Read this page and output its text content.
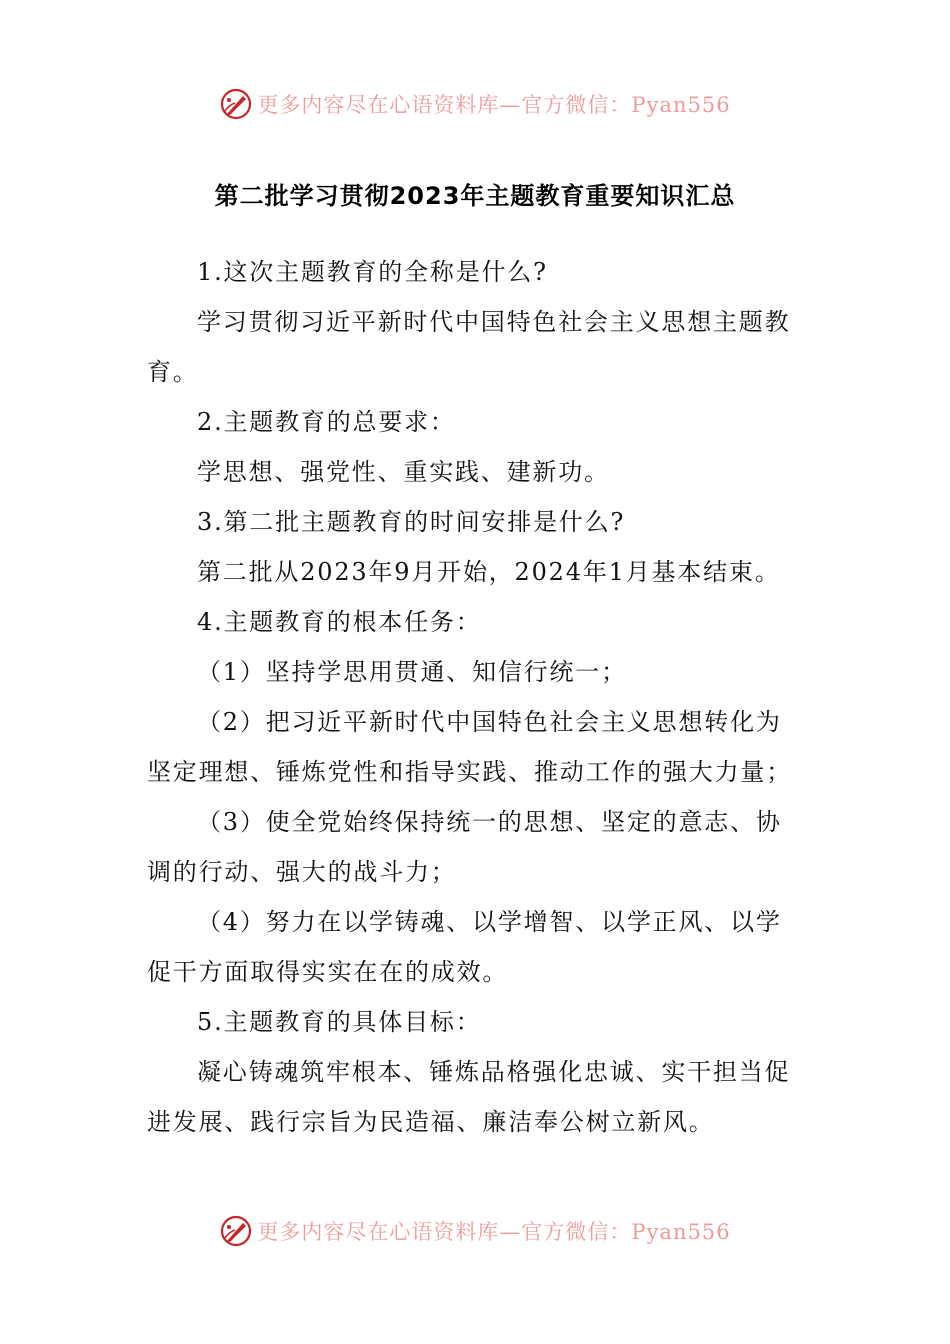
更多内容尽在心语资料库—官方微信：Pyan556
第二批学习贯彻2023年主题教育重要知识汇总

1.这次主题教育的全称是什么?

学习贯彻习近平新时代中国特色社会主义思想主题教育。

2.主题教育的总要求：

学思想、强党性、重实践、建新功。

3.第二批主题教育的时间安排是什么?

第二批从2023年9月开始，2024年1月基本结束。

4.主题教育的根本任务：

（1）坚持学思用贯通、知信行统一；

（2）把习近平新时代中国特色社会主义思想转化为坚定理想、锤炼党性和指导实践、推动工作的强大力量；

（3）使全党始终保持统一的思想、坚定的意志、协调的行动、强大的战斗力；

（4）努力在以学铸魂、以学增智、以学正风、以学促干方面取得实实在在的成效。

5.主题教育的具体目标：

凝心铸魂筑牢根本、锤炼品格强化忠诚、实干担当促进发展、践行宗旨为民造福、廉洁奉公树立新风。

更多内容尽在心语资料库—官方微信：Pyan556
